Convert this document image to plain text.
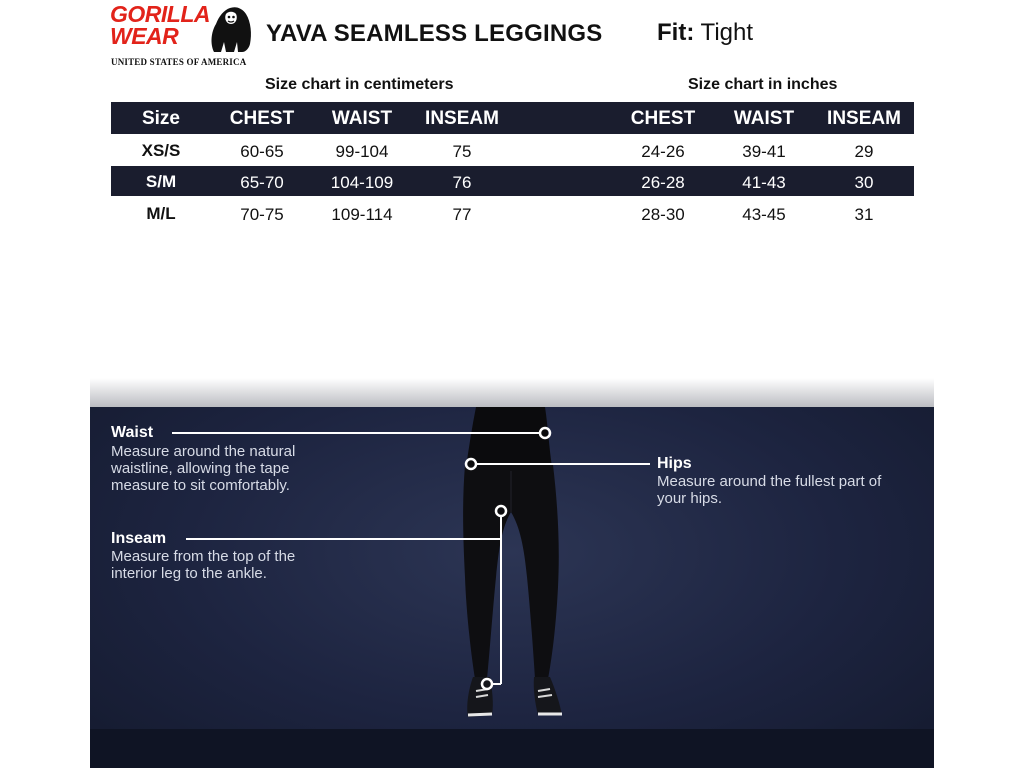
GORILLA
WEAR
UNITED STATES OF AMERICA
YAVA SEAMLESS LEGGINGS Fit: Tight
Size chart in centimeters	Size chart in inches
Size	CHEST WAIST INSEAM	CHEST WAIST INSEAM
XS/S	60-65	99-104	75	24-26	39-41	29
S/M	65-70	104-109	76	26-28	41-43	30
M/L	70-75	109-114	77	28-30	43-45	31
Waist
Measure around the natural
waistline, allowing the tape
measure to sit comfortably.
Hips
Measure around the fullest part of
your hips.
Inseam
Measure from the top of the
interior leg to the ankle.
